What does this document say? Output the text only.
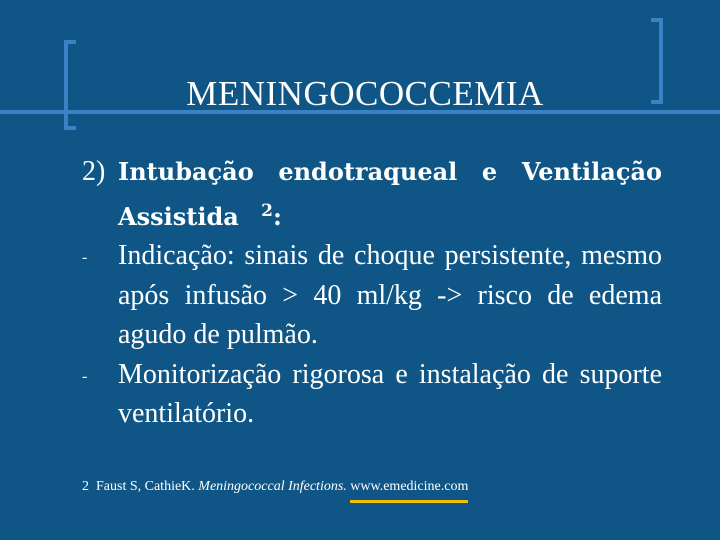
MENINGOCOCCEMIA
2) Intubação endotraqueal e Ventilação Assistida $^2$:
- Indicação: sinais de choque persistente, mesmo após infusão > 40 ml/kg -> risco de edema agudo de pulmão.
- Monitorização rigorosa e instalação de suporte ventilatório.
2 Faust S, CathieK. Meningococcal Infections. www.emedicine.com
